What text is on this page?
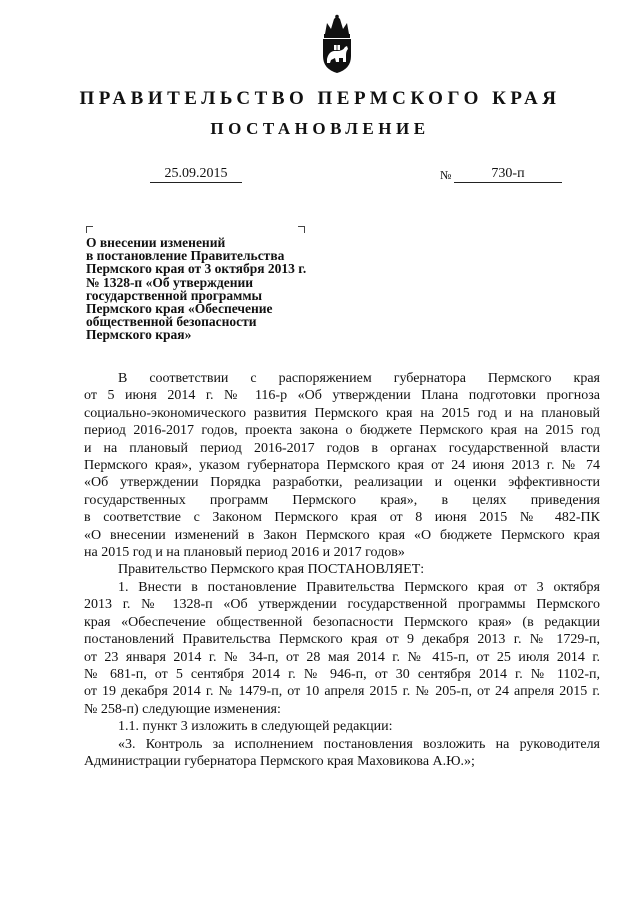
ПРАВИТЕЛЬСТВО ПЕРМСКОГО КРАЯ
ПОСТАНОВЛЕНИЕ
25.09.2015	№	730-п
О внесении изменений
в постановление Правительства
Пермского края от 3 октября 2013 г.
№ 1328-п «Об утверждении
государственной программы
Пермского края «Обеспечение
общественной безопасности
Пермского края»
В соответствии с распоряжением губернатора Пермского края
от 5 июня 2014 г. № 116-р «Об утверждении Плана подготовки прогноза
социально-экономического развития Пермского края на 2015 год и на плановый
период 2016-2017 годов, проекта закона о бюджете Пермского края на 2015 год
и на плановый период 2016-2017 годов в органах государственной власти
Пермского края», указом губернатора Пермского края от 24 июня 2013 г. № 74
«Об утверждении Порядка разработки, реализации и оценки эффективности
государственных программ Пермского края», в целях приведения
в соответствие с Законом Пермского края от 8 июня 2015 № 482-ПК
«О внесении изменений в Закон Пермского края «О бюджете Пермского края
на 2015 год и на плановый период 2016 и 2017 годов»
Правительство Пермского края ПОСТАНОВЛЯЕТ:
1. Внести в постановление Правительства Пермского края от 3 октября
2013 г. № 1328-п «Об утверждении государственной программы Пермского
края «Обеспечение общественной безопасности Пермского края» (в редакции
постановлений Правительства Пермского края от 9 декабря 2013 г. № 1729-п,
от 23 января 2014 г. № 34-п, от 28 мая 2014 г. № 415-п, от 25 июля 2014 г.
№ 681-п, от 5 сентября 2014 г. № 946-п, от 30 сентября 2014 г. № 1102-п,
от 19 декабря 2014 г. № 1479-п, от 10 апреля 2015 г. № 205-п, от 24 апреля 2015 г.
№ 258-п) следующие изменения:
1.1. пункт 3 изложить в следующей редакции:
«3. Контроль за исполнением постановления возложить на руководителя
Администрации губернатора Пермского края Маховикова А.Ю.»;
